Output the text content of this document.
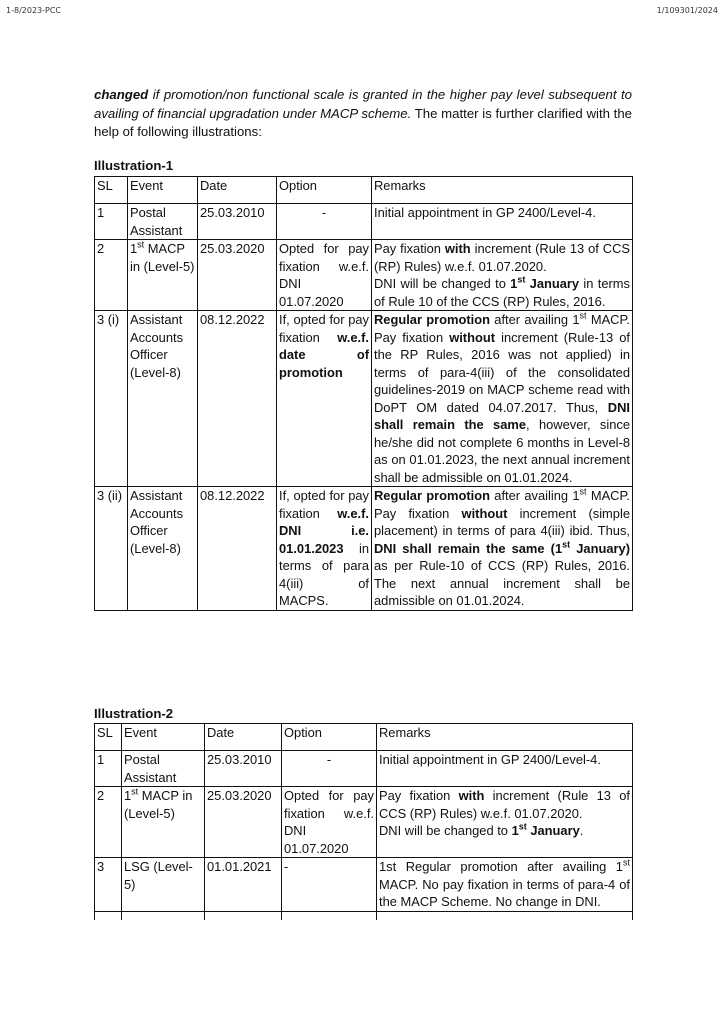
1-8/2023-PCC	1/109301/2024

changed if promotion/non functional scale is granted in the higher pay level subsequent to availing of financial upgradation under MACP scheme. The matter is further clarified with the help of following illustrations:

Illustration-1
SL	Event	Date	Option	Remarks
1	Postal Assistant	25.03.2010	-	Initial appointment in GP 2400/Level-4.
2	1st MACP in (Level-5)	25.03.2020	Opted for pay fixation w.e.f. DNI 01.07.2020	Pay fixation with increment (Rule 13 of CCS (RP) Rules) w.e.f. 01.07.2020.
DNI will be changed to 1st January in terms of Rule 10 of the CCS (RP) Rules, 2016.
3 (i)	Assistant Accounts Officer (Level-8)	08.12.2022	If, opted for pay fixation w.e.f. date of promotion	Regular promotion after availing 1st MACP. Pay fixation without increment (Rule-13 of the RP Rules, 2016 was not applied) in terms of para-4(iii) of the consolidated guidelines-2019 on MACP scheme read with DoPT OM dated 04.07.2017. Thus, DNI shall remain the same, however, since he/she did not complete 6 months in Level-8 as on 01.01.2023, the next annual increment shall be admissible on 01.01.2024.
3 (ii)	Assistant Accounts Officer (Level-8)	08.12.2022	If, opted for pay fixation w.e.f. DNI i.e. 01.01.2023 in terms of para 4(iii) of MACPS.	Regular promotion after availing 1st MACP. Pay fixation without increment (simple placement) in terms of para 4(iii) ibid. Thus, DNI shall remain the same (1st January) as per Rule-10 of CCS (RP) Rules, 2016. The next annual increment shall be admissible on 01.01.2024.
Illustration-2
SL	Event	Date	Option	Remarks
1	Postal Assistant	25.03.2010	-	Initial appointment in GP 2400/Level-4.
2	1st MACP in (Level-5)	25.03.2020	Opted for pay fixation w.e.f. DNI 01.07.2020	Pay fixation with increment (Rule 13 of CCS (RP) Rules) w.e.f. 01.07.2020.
DNI will be changed to 1st January.
3	LSG (Level-5)	01.01.2021	-	1st Regular promotion after availing 1st MACP. No pay fixation in terms of para-4 of the MACP Scheme. No change in DNI.
